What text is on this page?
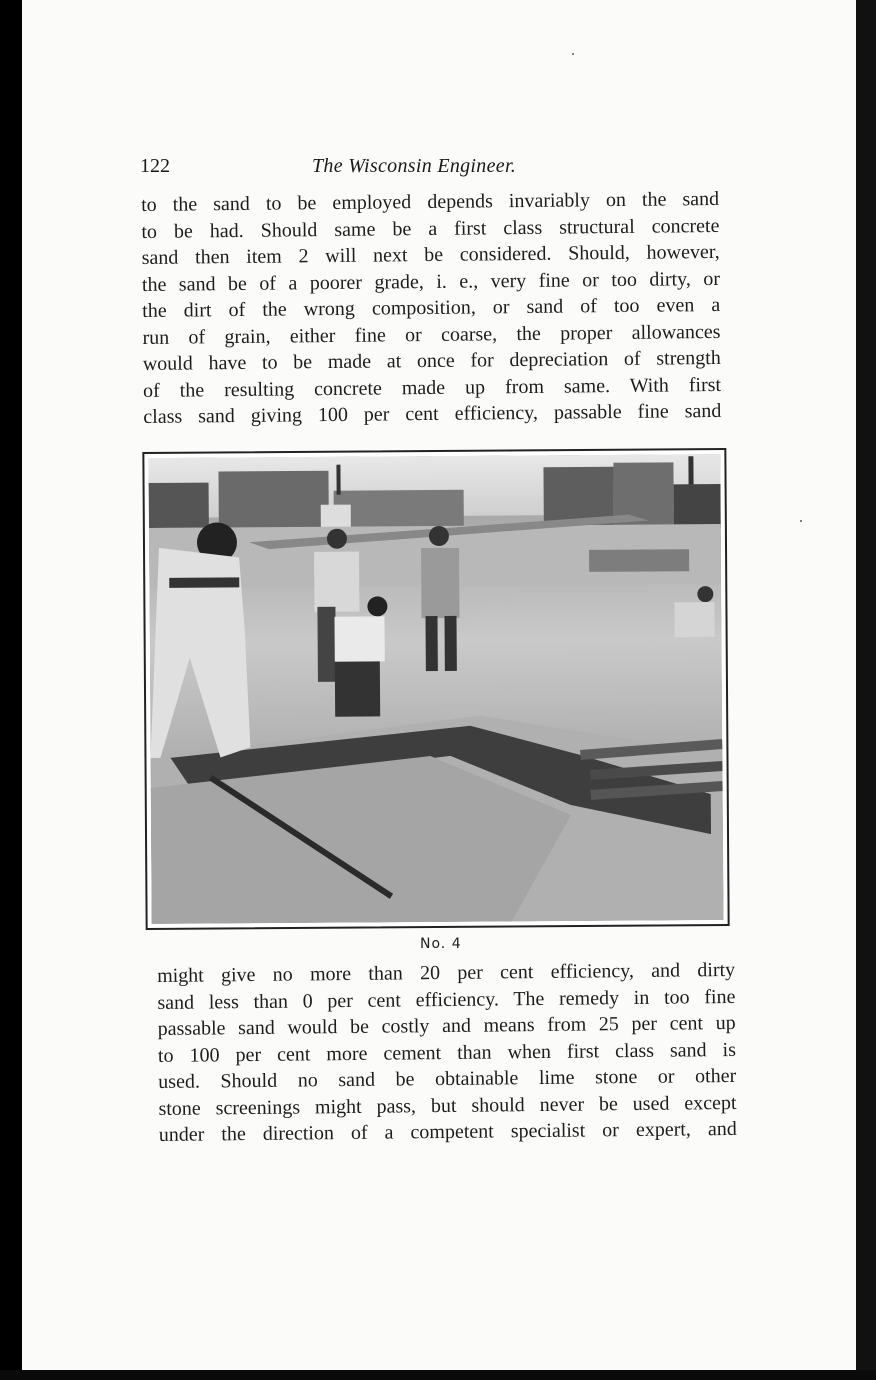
122	The Wisconsin Engineer.
to the sand to be employed depends invariably on the sand
to be had. Should same be a first class structural concrete
sand then item 2 will next be considered. Should, however,
the sand be of a poorer grade, i. e., very fine or too dirty, or
the dirt of the wrong composition, or sand of too even a
run of grain, either fine or coarse, the proper allowances
would have to be made at once for depreciation of strength
of the resulting concrete made up from same. With first
class sand giving 100 per cent efficiency, passable fine sand
No. 4
might give no more than 20 per cent efficiency, and dirty
sand less than 0 per cent efficiency. The remedy in too fine
passable sand would be costly and means from 25 per cent up
to 100 per cent more cement than when first class sand is
used. Should no sand be obtainable lime stone or other
stone screenings might pass, but should never be used except
under the direction of a competent specialist or expert, and
